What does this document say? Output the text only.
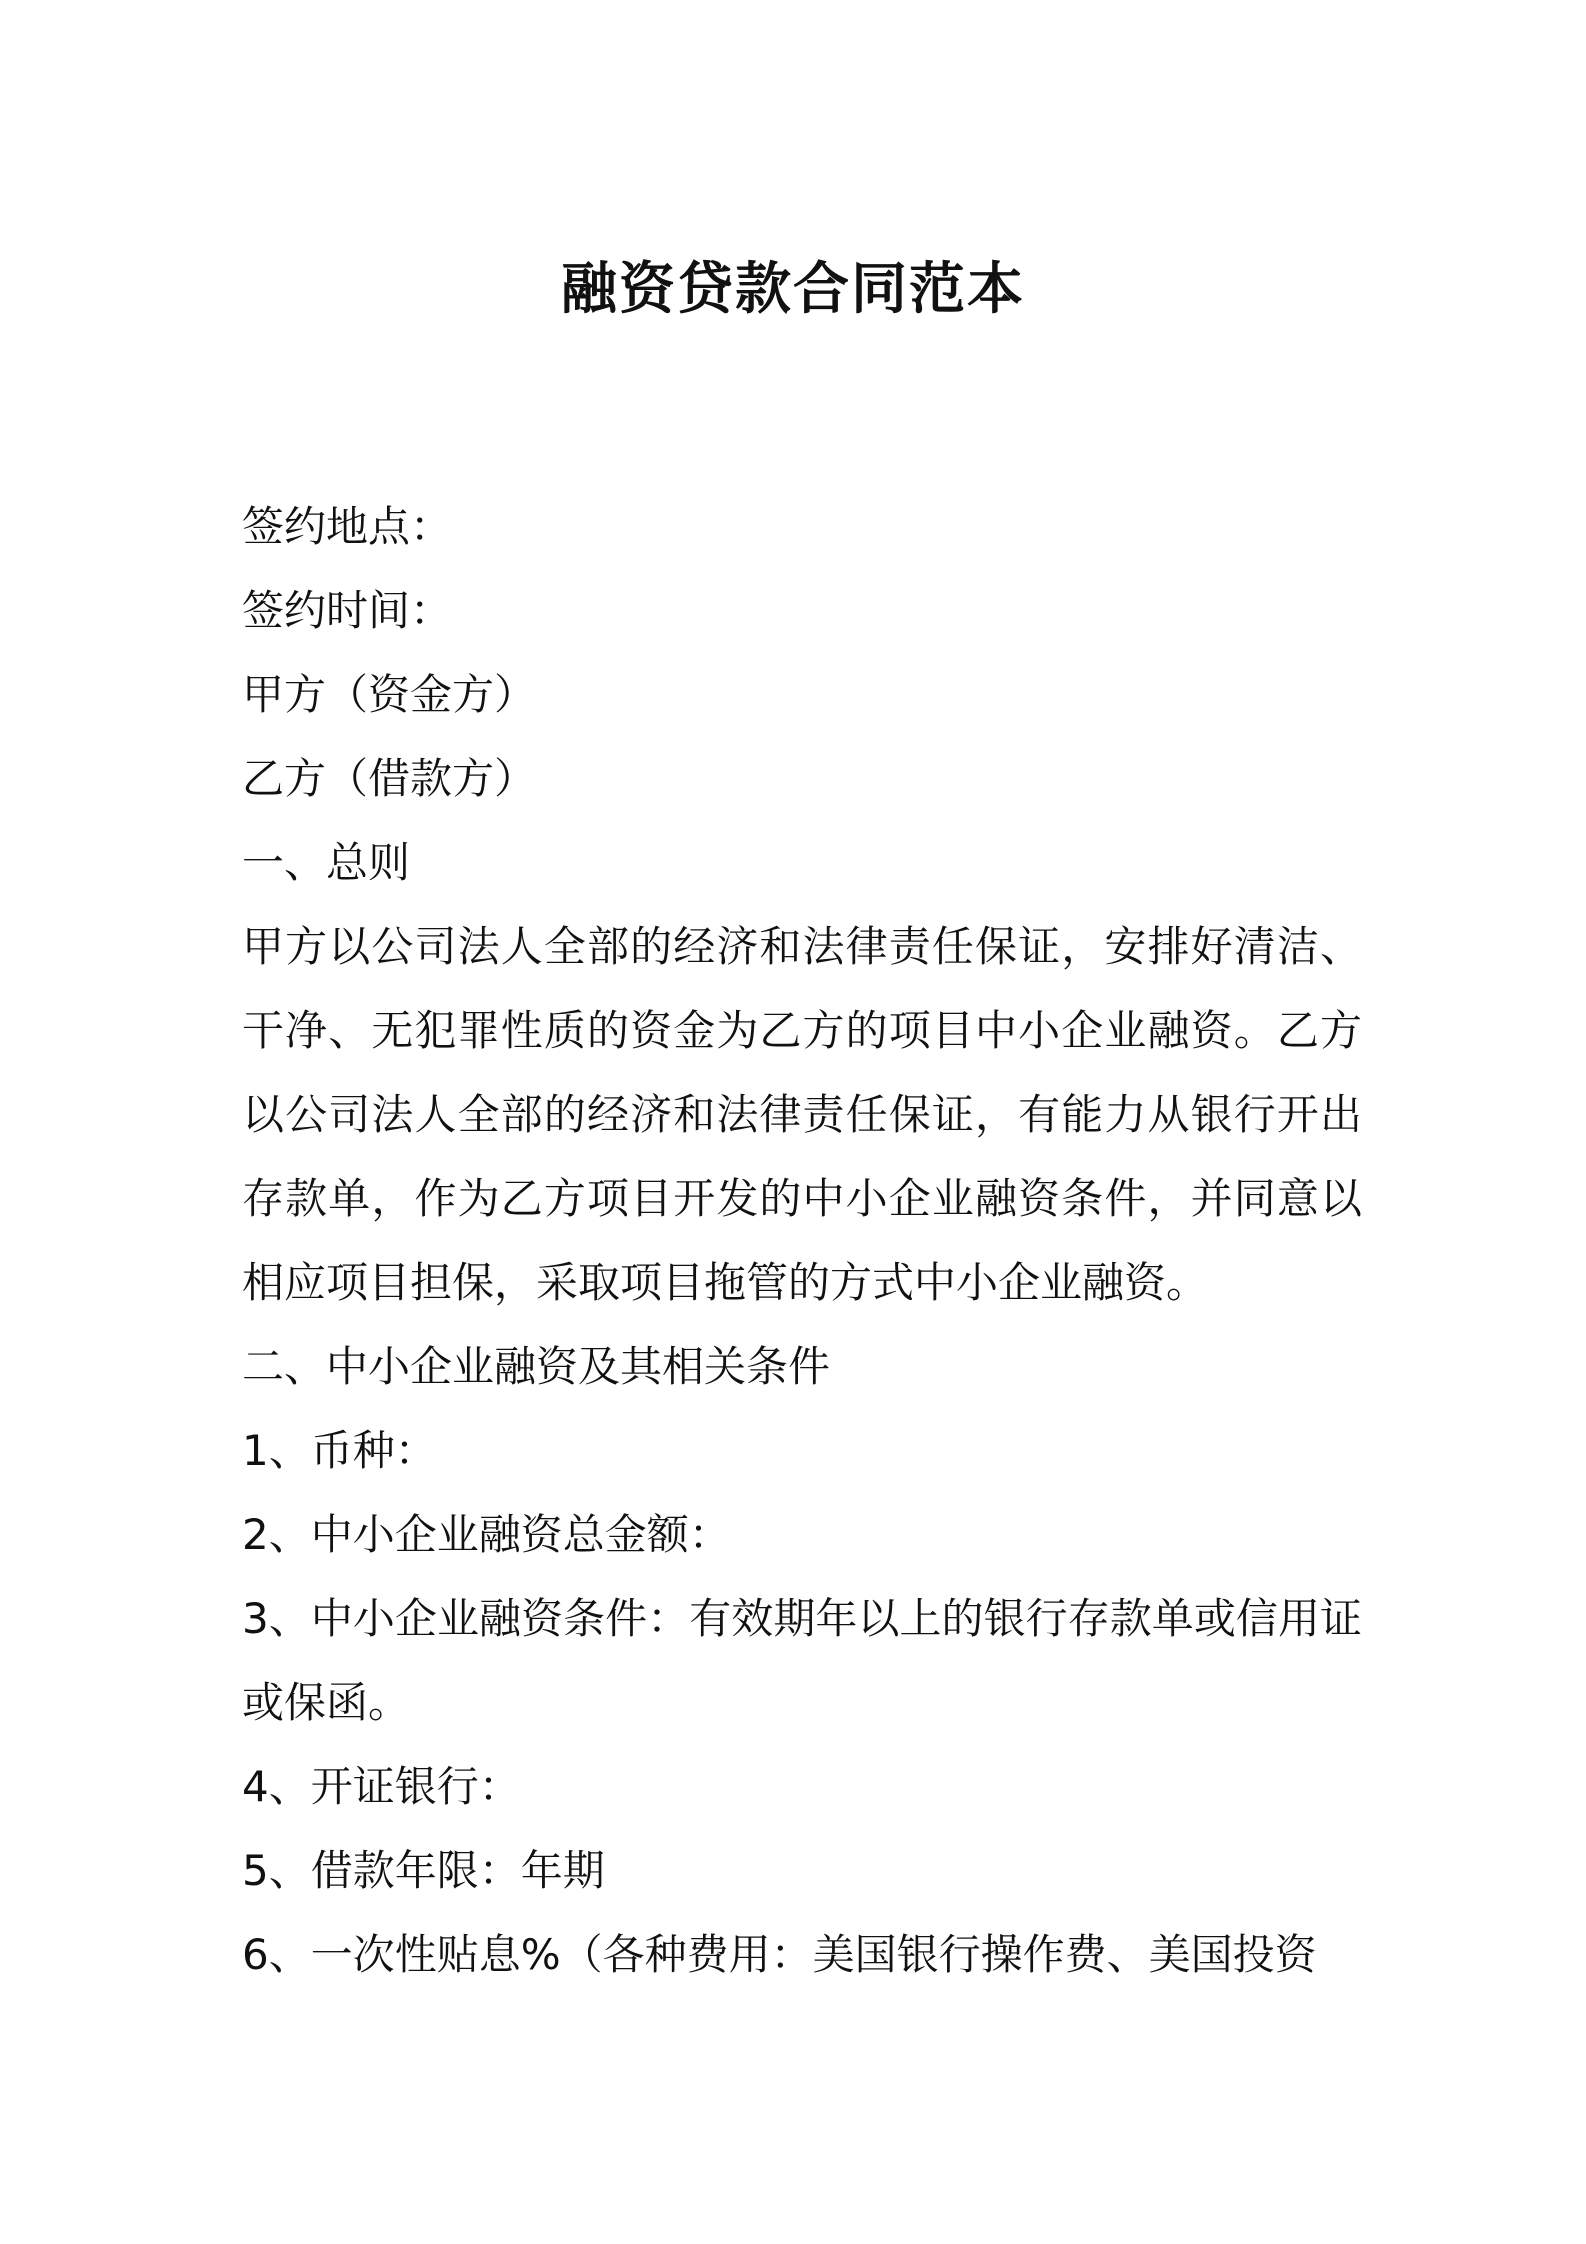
融资贷款合同范本
签约地点：
签约时间：
甲方（资金方）
乙方（借款方）
一、总则
甲方以公司法人全部的经济和法律责任保证，安排好清洁、干净、无犯罪性质的资金为乙方的项目中小企业融资。乙方以公司法人全部的经济和法律责任保证，有能力从银行开出存款单，作为乙方项目开发的中小企业融资条件，并同意以相应项目担保，采取项目拖管的方式中小企业融资。
二、中小企业融资及其相关条件
1、币种：
2、中小企业融资总金额：
3、中小企业融资条件：有效期年以上的银行存款单或信用证或保函。
4、开证银行：
5、借款年限：年期
6、一次性贴息%（各种费用：美国银行操作费、美国投资
